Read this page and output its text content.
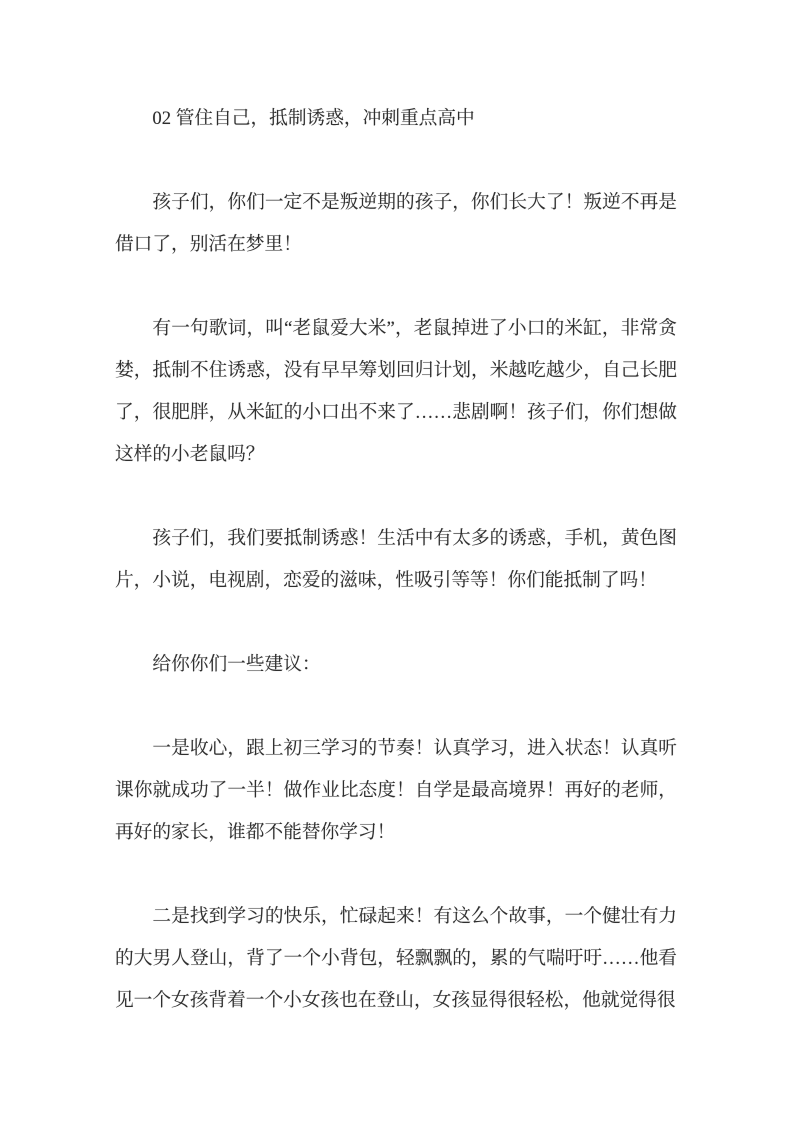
02 管住自己，抵制诱惑，冲刺重点高中

孩子们，你们一定不是叛逆期的孩子，你们长大了！叛逆不再是借口了，别活在梦里！

有一句歌词，叫“老鼠爱大米”，老鼠掉进了小口的米缸，非常贪婪，抵制不住诱惑，没有早早筹划回归计划，米越吃越少，自己长肥了，很肥胖，从米缸的小口出不来了……悲剧啊！孩子们，你们想做这样的小老鼠吗？

孩子们，我们要抵制诱惑！生活中有太多的诱惑，手机，黄色图片，小说，电视剧，恋爱的滋味，性吸引等等！你们能抵制了吗！

给你你们一些建议：

一是收心，跟上初三学习的节奏！认真学习，进入状态！认真听课你就成功了一半！做作业比态度！自学是最高境界！再好的老师，再好的家长，谁都不能替你学习！

二是找到学习的快乐，忙碌起来！有这么个故事，一个健壮有力的大男人登山，背了一个小背包，轻飘飘的，累的气喘吁吁……他看见一个女孩背着一个小女孩也在登山，女孩显得很轻松，他就觉得很
